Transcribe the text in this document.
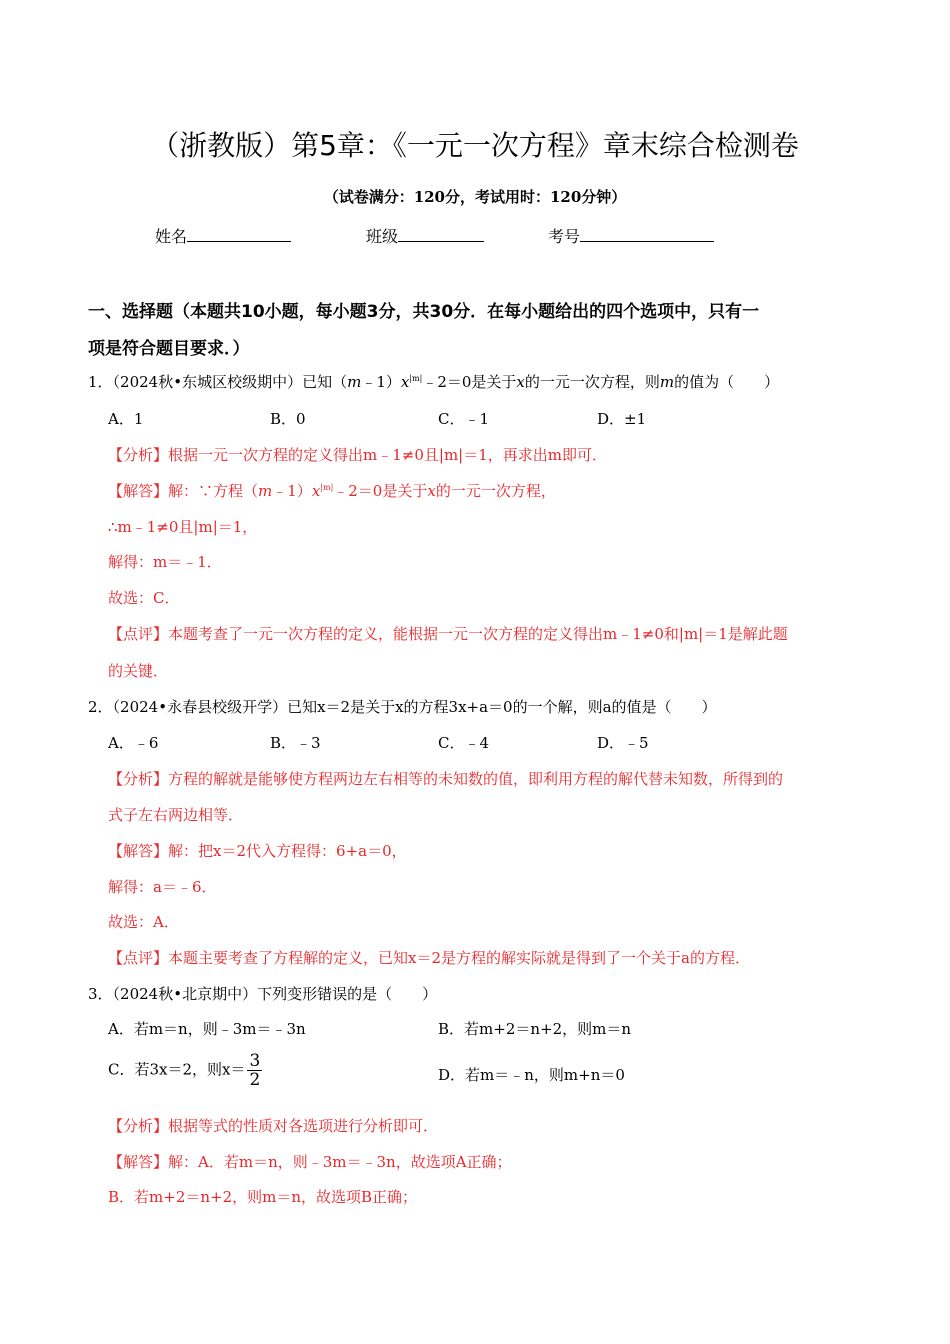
（浙教版）第5章：《一元一次方程》章末综合检测卷
（试卷满分：120分，考试用时：120分钟）
姓名	班级	考号
一、选择题（本题共10小题，每小题3分，共30分．在每小题给出的四个选项中，只有一
项是符合题目要求．）
1．（2024秋•东城区校级期中）已知$(m﹣1)x^{|m|}﹣2=0$是关于x的一元一次方程，则m的值为（　　）
A．1	B．0	C．﹣1	D．±1
【分析】根据一元一次方程的定义得出m﹣1≠0且|m|＝1，再求出m即可．
【解答】解：∵方程$(m﹣1)x^{|m|}﹣2=0$是关于x的一元一次方程，
∴m﹣1≠0且|m|＝1，
解得：m＝﹣1．
故选：C．
【点评】本题考查了一元一次方程的定义，能根据一元一次方程的定义得出m﹣1≠0和|m|＝1是解此题
的关键．
2．（2024•永春县校级开学）已知x＝2是关于x的方程3x+a＝0的一个解，则a的值是（　　）
A．﹣6	B．﹣3	C．﹣4	D．﹣5
【分析】方程的解就是能够使方程两边左右相等的未知数的值，即利用方程的解代替未知数，所得到的
式子左右两边相等．
【解答】解：把x＝2代入方程得：6+a＝0，
解得：a＝﹣6．
故选：A．
【点评】本题主要考查了方程解的定义，已知x＝2是方程的解实际就是得到了一个关于a的方程．
3．（2024秋•北京期中）下列变形错误的是（　　）
A．若m＝n，则﹣3m＝﹣3n	B．若m+2＝n+2，则m＝n
C．若3x＝2，则$x= \frac{3}{2}$	D．若m＝﹣n，则m+n＝0
【分析】根据等式的性质对各选项进行分析即可．
【解答】解：A．若m＝n，则﹣3m＝﹣3n，故选项A正确；
B．若m+2＝n+2，则m＝n，故选项B正确；
